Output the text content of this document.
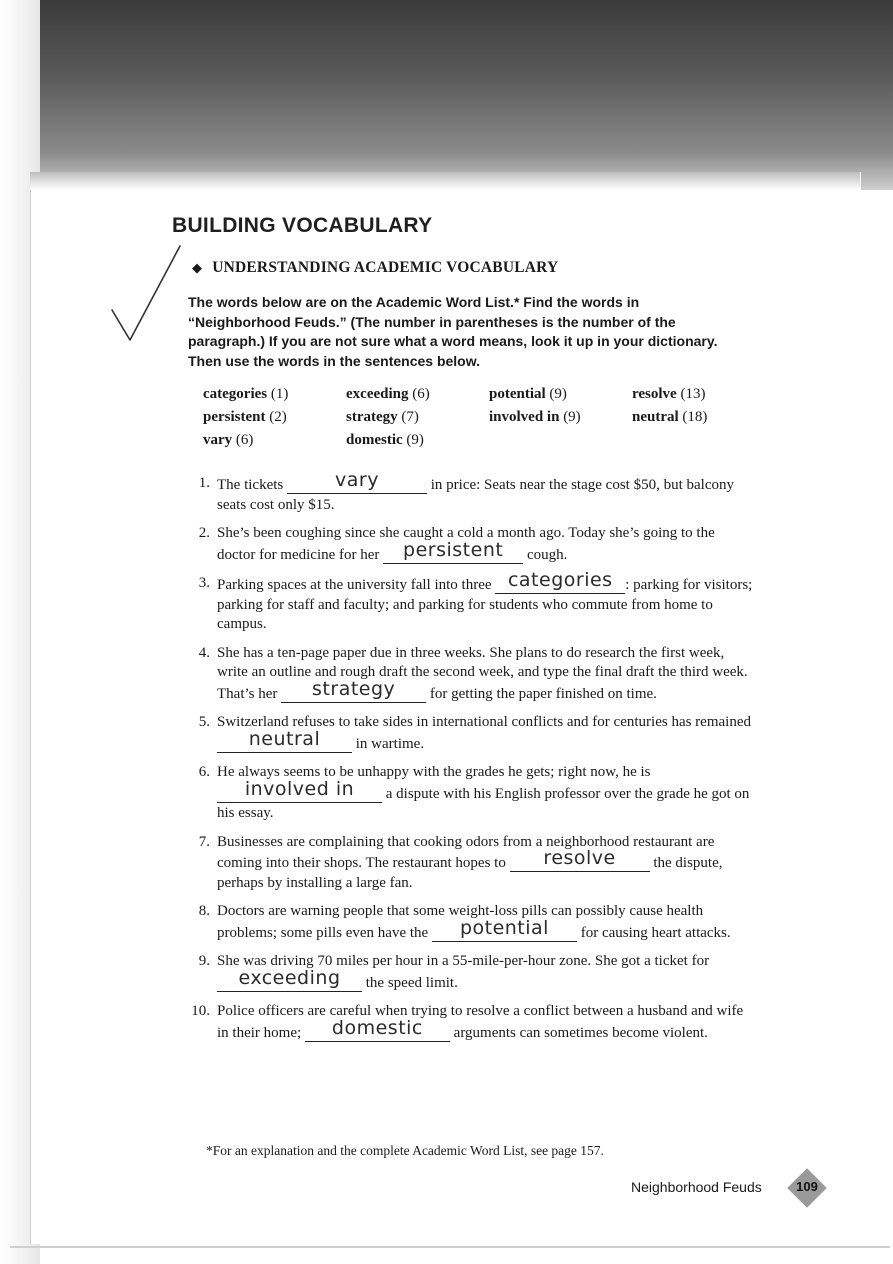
BUILDING VOCABULARY
◆ UNDERSTANDING ACADEMIC VOCABULARY

The words below are on the Academic Word List.* Find the words in “Neighborhood Feuds.” (The number in parentheses is the number of the paragraph.) If you are not sure what a word means, look it up in your dictionary. Then use the words in the sentences below.

categories (1)	exceeding (6)	potential (9)	resolve (13)
persistent (2)	strategy (7)	involved in (9)	neutral (18)
vary (6)	domestic (9)
1. The tickets	vary	in price: Seats near the stage cost $50, but balcony seats cost only $15.
2. She’s been coughing since she caught a cold a month ago. Today she’s going to the doctor for medicine for her persistent cough.
3. Parking spaces at the university fall into three categories : parking for visitors; parking for staff and faculty; and parking for students who commute from home to campus.
4. She has a ten-page paper due in three weeks. She plans to do research the first week, write an outline and rough draft the second week, and type the final draft the third week. That’s her strategy for getting the paper finished on time.
5. Switzerland refuses to take sides in international conflicts and for centuries has remained neutral in wartime.
6. He always seems to be unhappy with the grades he gets; right now, he is involved in a dispute with his English professor over the grade he got on his essay.
7. Businesses are complaining that cooking odors from a neighborhood restaurant are coming into their shops. The restaurant hopes to resolve	the dispute, perhaps by installing a large fan.
8. Doctors are warning people that some weight-loss pills can possibly cause health problems; some pills even have the potential for causing heart attacks.
9. She was driving 70 miles per hour in a 55-mile-per-hour zone. She got a ticket for exceeding the speed limit.
10. Police officers are careful when trying to resolve a conflict between a husband and wife in their home; domestic arguments can sometimes become violent.
*For an explanation and the complete Academic Word List, see page 157.
Neighborhood Feuds	109
